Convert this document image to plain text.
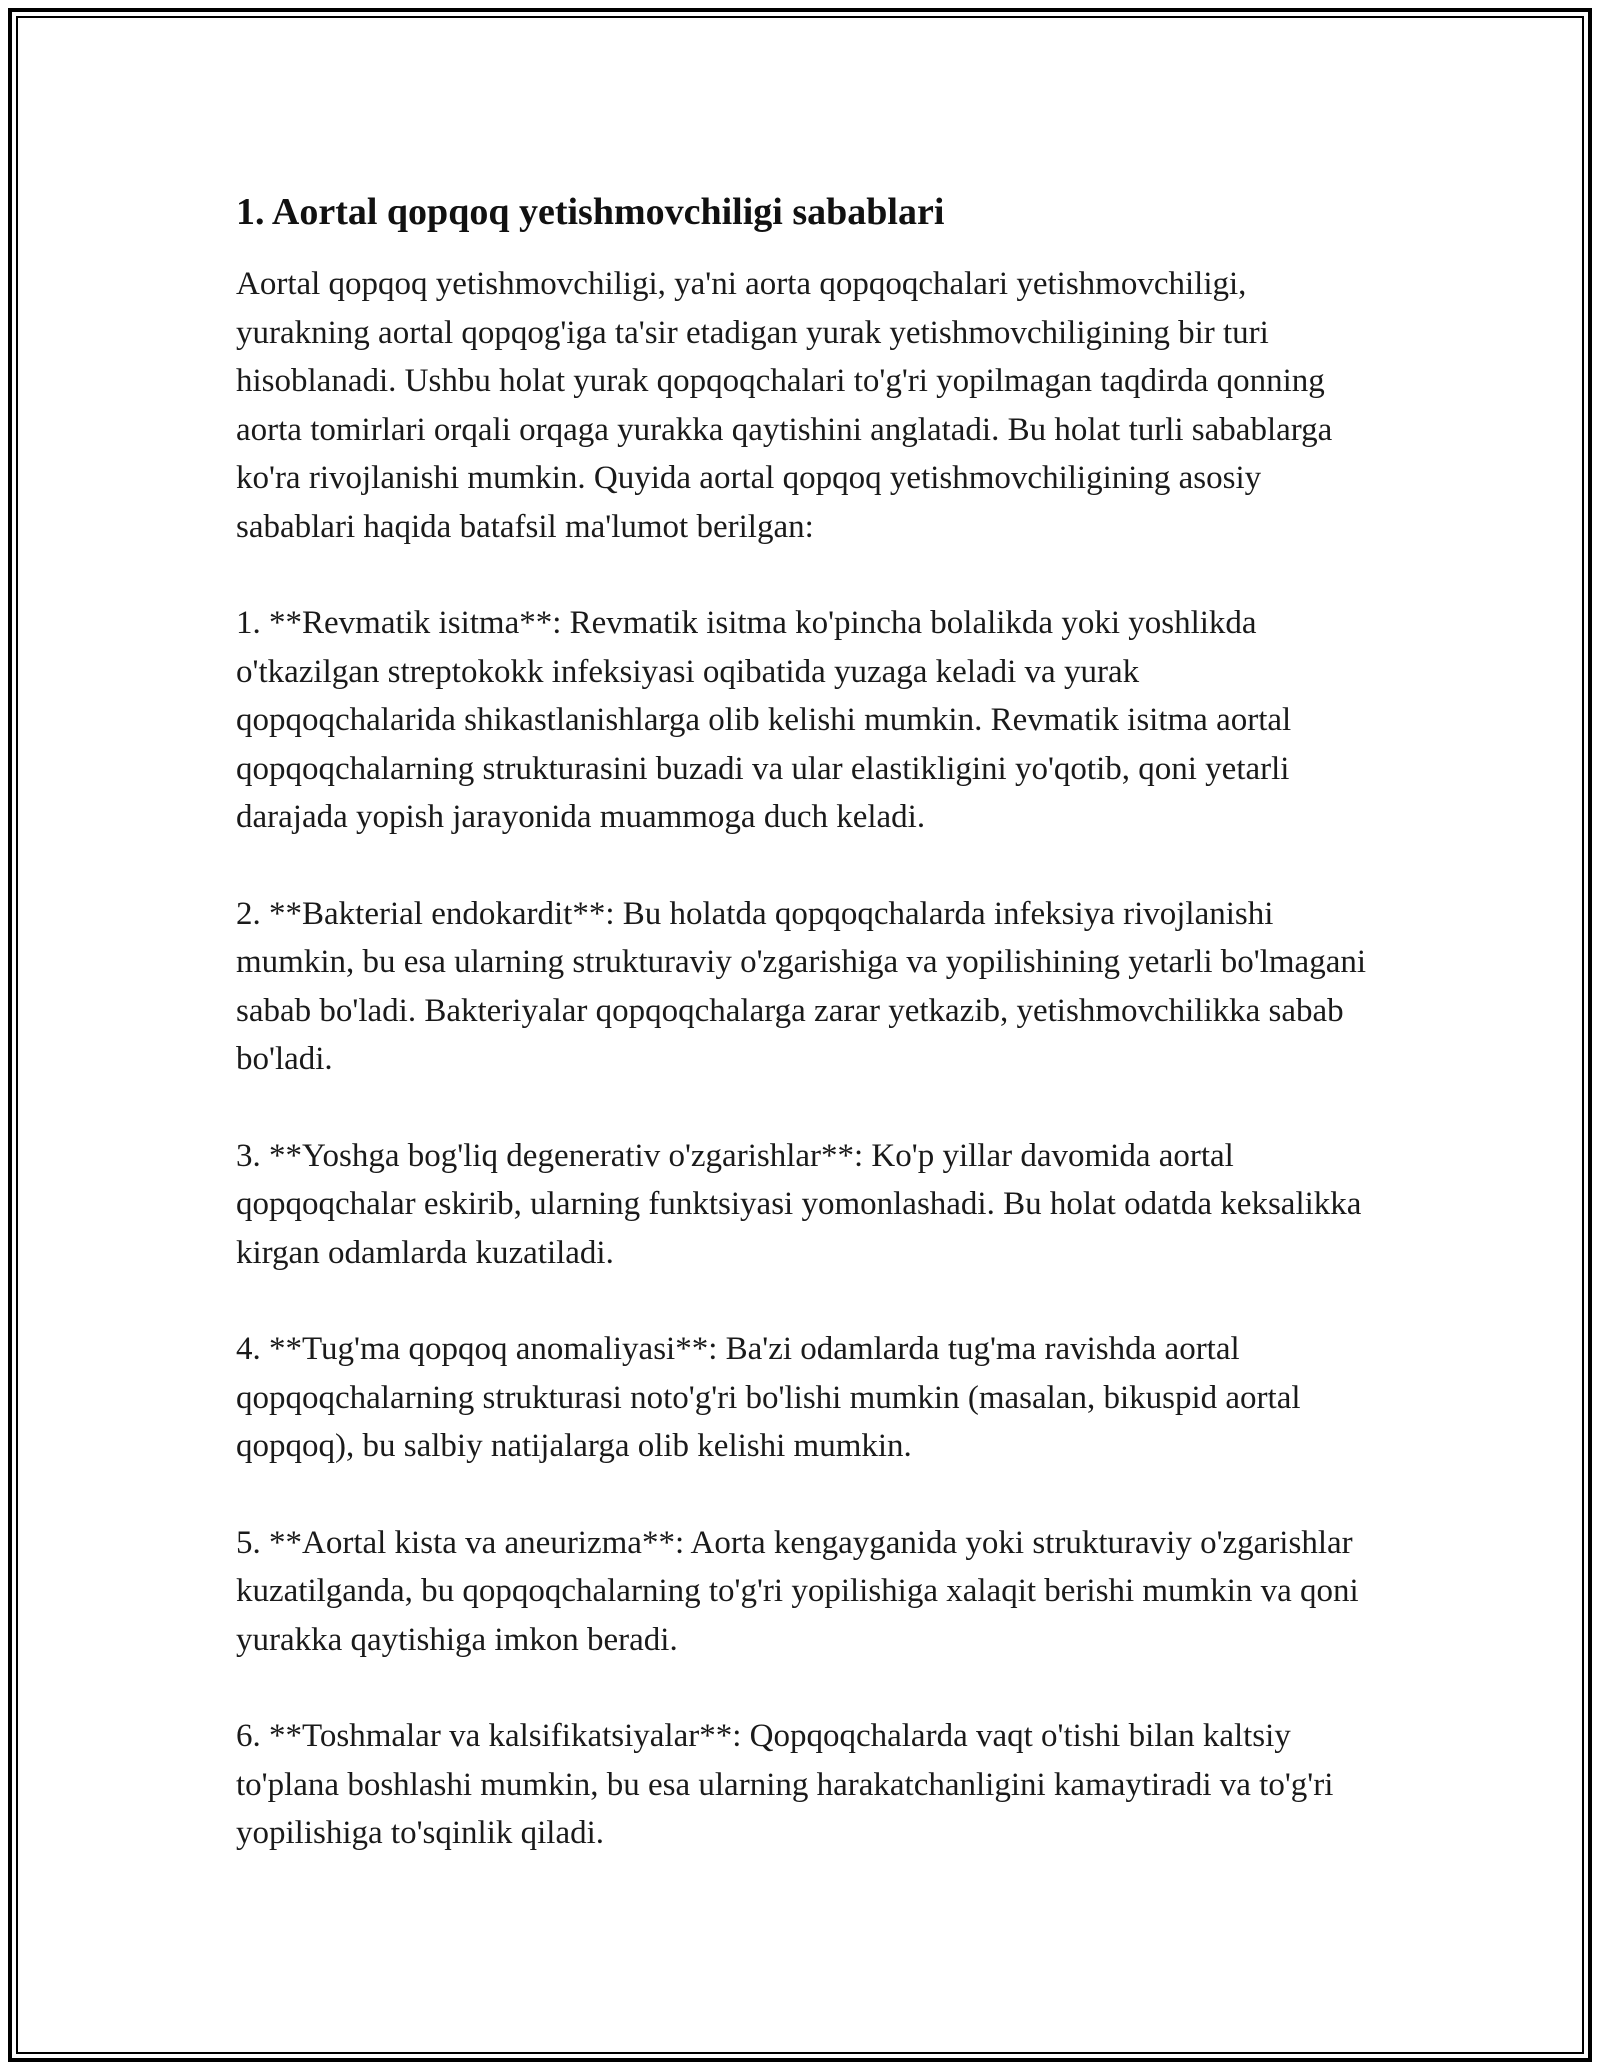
1. Aortal qopqoq yetishmovchiligi sabablari

Aortal qopqoq yetishmovchiligi, ya'ni aorta qopqoqchalari yetishmovchiligi, yurakning aortal qopqog'iga ta'sir etadigan yurak yetishmovchiligining bir turi hisoblanadi. Ushbu holat yurak qopqoqchalari to'g'ri yopilmagan taqdirda qonning aorta tomirlari orqali orqaga yurakka qaytishini anglatadi. Bu holat turli sabablarga ko'ra rivojlanishi mumkin. Quyida aortal qopqoq yetishmovchiligining asosiy sabablari haqida batafsil ma'lumot berilgan:

1. **Revmatik isitma**: Revmatik isitma ko'pincha bolalikda yoki yoshlikda o'tkazilgan streptokokk infeksiyasi oqibatida yuzaga keladi va yurak qopqoqchalarida shikastlanishlarga olib kelishi mumkin. Revmatik isitma aortal qopqoqchalarning strukturasini buzadi va ular elastikligini yo'qotib, qoni yetarli darajada yopish jarayonida muammoga duch keladi.

2. **Bakterial endokardit**: Bu holatda qopqoqchalarda infeksiya rivojlanishi mumkin, bu esa ularning strukturaviy o'zgarishiga va yopilishining yetarli bo'lmagani sabab bo'ladi. Bakteriyalar qopqoqchalarga zarar yetkazib, yetishmovchilikka sabab bo'ladi.

3. **Yoshga bog'liq degenerativ o'zgarishlar**: Ko'p yillar davomida aortal qopqoqchalar eskirib, ularning funktsiyasi yomonlashadi. Bu holat odatda keksalikka kirgan odamlarda kuzatiladi.

4. **Tug'ma qopqoq anomaliyasi**: Ba'zi odamlarda tug'ma ravishda aortal qopqoqchalarning strukturasi noto'g'ri bo'lishi mumkin (masalan, bikuspid aortal qopqoq), bu salbiy natijalarga olib kelishi mumkin.

5. **Aortal kista va aneurizma**: Aorta kengayganida yoki strukturaviy o'zgarishlar kuzatilganda, bu qopqoqchalarning to'g'ri yopilishiga xalaqit berishi mumkin va qoni yurakka qaytishiga imkon beradi.

6. **Toshmalar va kalsifikatsiyalar**: Qopqoqchalarda vaqt o'tishi bilan kaltsiy to'plana boshlashi mumkin, bu esa ularning harakatchanligini kamaytiradi va to'g'ri yopilishiga to'sqinlik qiladi.
